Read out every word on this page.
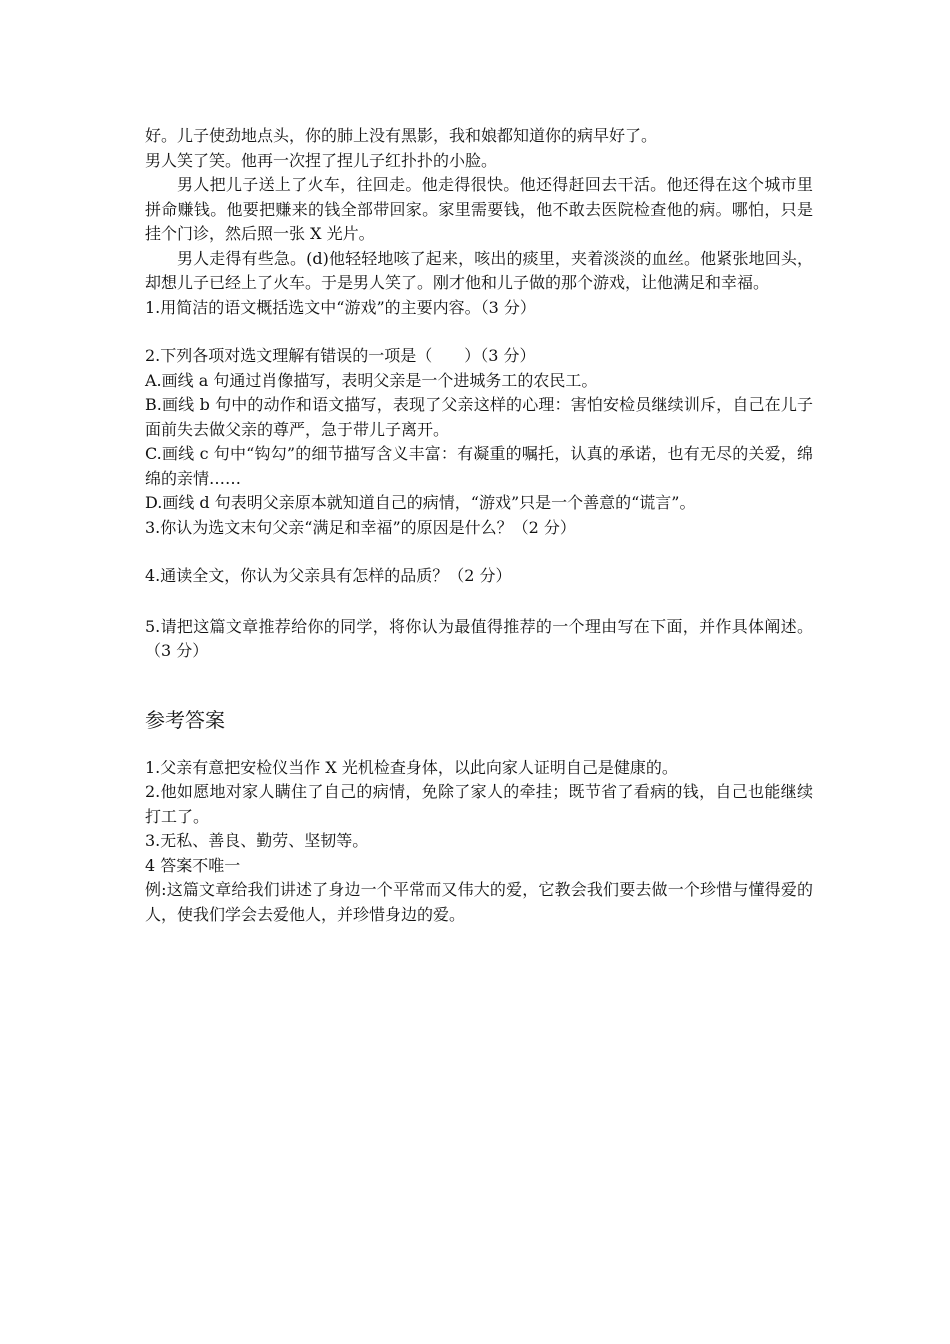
好。儿子使劲地点头，你的肺上没有黑影，我和娘都知道你的病早好了。

男人笑了笑。他再一次捏了捏儿子红扑扑的小脸。

男人把儿子送上了火车，往回走。他走得很快。他还得赶回去干活。他还得在这个城市里拼命赚钱。他要把赚来的钱全部带回家。家里需要钱，他不敢去医院检查他的病。哪怕，只是挂个门诊，然后照一张 X 光片。

男人走得有些急。(d)他轻轻地咳了起来，咳出的痰里，夹着淡淡的血丝。他紧张地回头，却想儿子已经上了火车。于是男人笑了。刚才他和儿子做的那个游戏，让他满足和幸福。

1.用简洁的语文概括选文中“游戏”的主要内容。（3 分）

2.下列各项对选文理解有错误的一项是（　　）（3 分）

A.画线 a 句通过肖像描写，表明父亲是一个进城务工的农民工。

B.画线 b 句中的动作和语文描写，表现了父亲这样的心理：害怕安检员继续训斥，自己在儿子面前失去做父亲的尊严，急于带儿子离开。

C.画线 c 句中“钩勾”的细节描写含义丰富：有凝重的嘱托，认真的承诺，也有无尽的关爱，绵绵的亲情……

D.画线 d 句表明父亲原本就知道自己的病情，“游戏”只是一个善意的“谎言”。

3.你认为选文末句父亲“满足和幸福”的原因是什么？（2 分）

4.通读全文，你认为父亲具有怎样的品质？（2 分）

5.请把这篇文章推荐给你的同学，将你认为最值得推荐的一个理由写在下面，并作具体阐述。（3 分）

参考答案

1.父亲有意把安检仪当作 X 光机检查身体，以此向家人证明自己是健康的。

2.他如愿地对家人瞒住了自己的病情，免除了家人的牵挂；既节省了看病的钱，自己也能继续打工了。

3.无私、善良、勤劳、坚韧等。

4 答案不唯一

例:这篇文章给我们讲述了身边一个平常而又伟大的爱，它教会我们要去做一个珍惜与懂得爱的人，使我们学会去爱他人，并珍惜身边的爱。
